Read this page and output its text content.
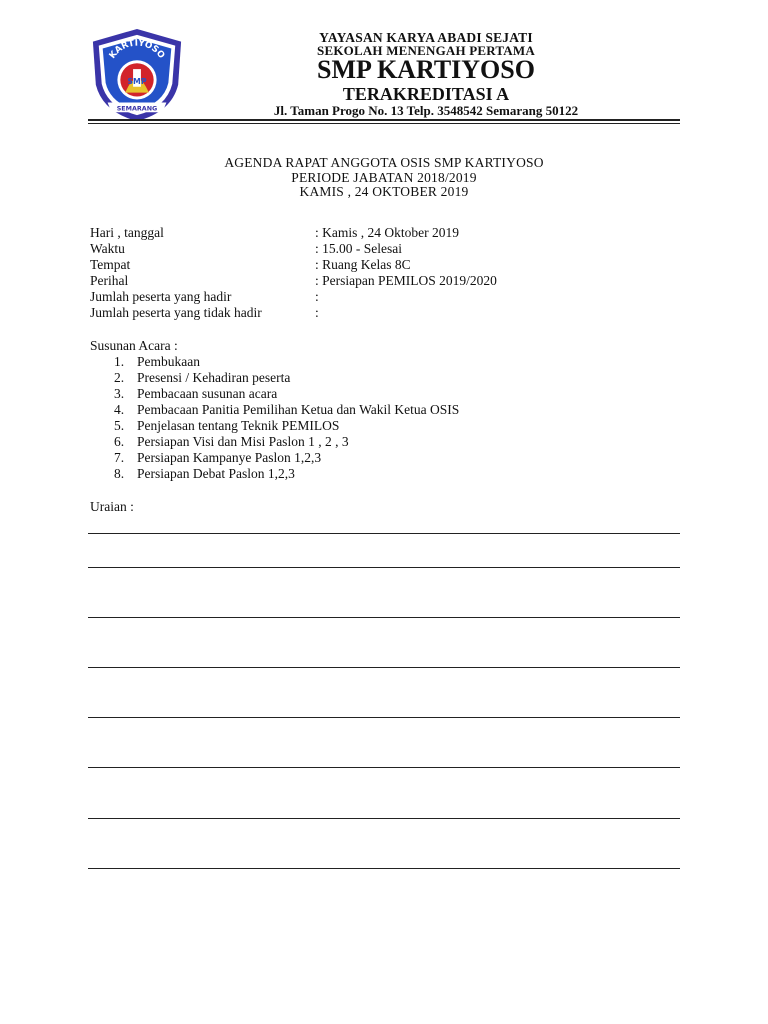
KARTIYOSO
SMP
SEMARANG
YAYASAN KARYA ABADI SEJATI
SEKOLAH MENENGAH PERTAMA
SMP KARTIYOSO
TERAKREDITASI A
Jl. Taman Progo No. 13 Telp. 3548542 Semarang 50122
AGENDA RAPAT ANGGOTA OSIS SMP KARTIYOSO
PERIODE JABATAN 2018/2019
KAMIS , 24 OKTOBER 2019
Hari , tanggal	: Kamis , 24 Oktober 2019
Waktu	: 15.00 - Selesai
Tempat	: Ruang Kelas 8C
Perihal	: Persiapan PEMILOS 2019/2020
Jumlah peserta yang hadir	:
Jumlah peserta yang tidak hadir	:
Susunan Acara :
1. Pembukaan
2. Presensi / Kehadiran peserta
3. Pembacaan susunan acara
4. Pembacaan Panitia Pemilihan Ketua dan Wakil Ketua OSIS
5. Penjelasan tentang Teknik PEMILOS
6. Persiapan Visi dan Misi Paslon 1 , 2 , 3
7. Persiapan Kampanye Paslon 1,2,3
8. Persiapan Debat Paslon 1,2,3
Uraian :
